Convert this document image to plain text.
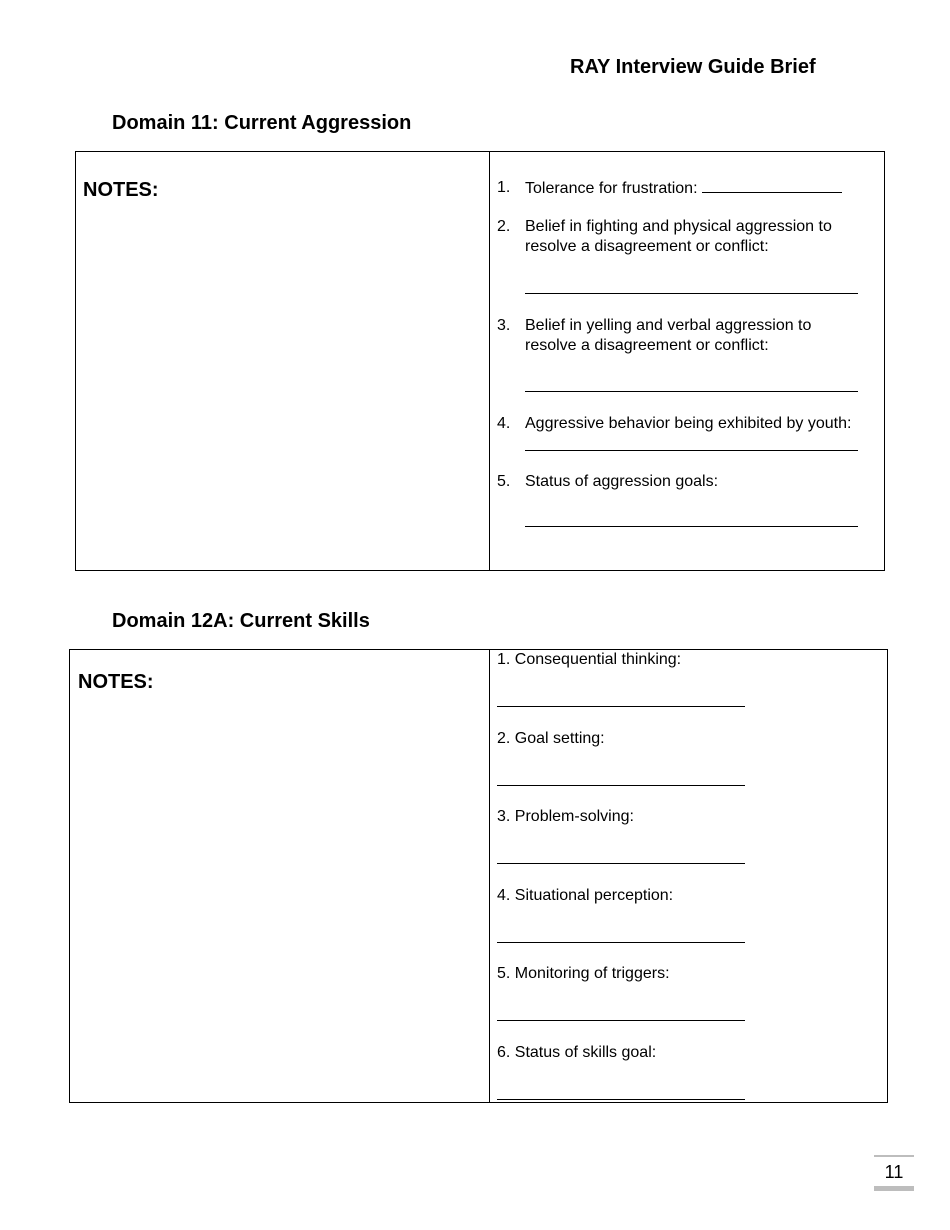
RAY Interview Guide Brief
Domain 11: Current Aggression
NOTES:	1. Tolerance for frustration:
2. Belief in fighting and physical aggression to
resolve a disagreement or conflict:
3. Belief in yelling and verbal aggression to
resolve a disagreement or conflict:
4. Aggressive behavior being exhibited by youth:
5. Status of aggression goals:
Domain 12A: Current Skills
NOTES:
1. Consequential thinking:
2. Goal setting:
3. Problem-solving:
4. Situational perception:
5. Monitoring of triggers:
6. Status of skills goal:
11
